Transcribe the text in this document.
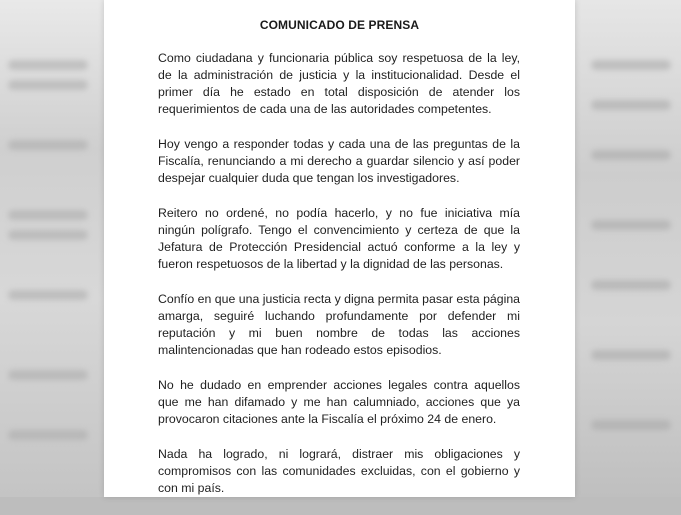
COMUNICADO DE PRENSA

Como ciudadana y funcionaria pública soy respetuosa de la ley, de la administración de justicia y la institucionalidad. Desde el primer día he estado en total disposición de atender los requerimientos de cada una de las autoridades competentes.

Hoy vengo a responder todas y cada una de las preguntas de la Fiscalía, renunciando a mi derecho a guardar silencio y así poder despejar cualquier duda que tengan los investigadores.

Reitero no ordené, no podía hacerlo, y no fue iniciativa mía ningún polígrafo. Tengo el convencimiento y certeza de que la Jefatura de Protección Presidencial actuó conforme a la ley y fueron respetuosos de la libertad y la dignidad de las personas.

Confío en que una justicia recta y digna permita pasar esta página amarga, seguiré luchando profundamente por defender mi reputación y mi buen nombre de todas las acciones malintencionadas que han rodeado estos episodios.

No he dudado en emprender acciones legales contra aquellos que me han difamado y me han calumniado, acciones que ya provocaron citaciones ante la Fiscalía el próximo 24 de enero.

Nada ha logrado, ni logrará, distraer mis obligaciones y compromisos con las comunidades excluidas, con el gobierno y con mi país.
